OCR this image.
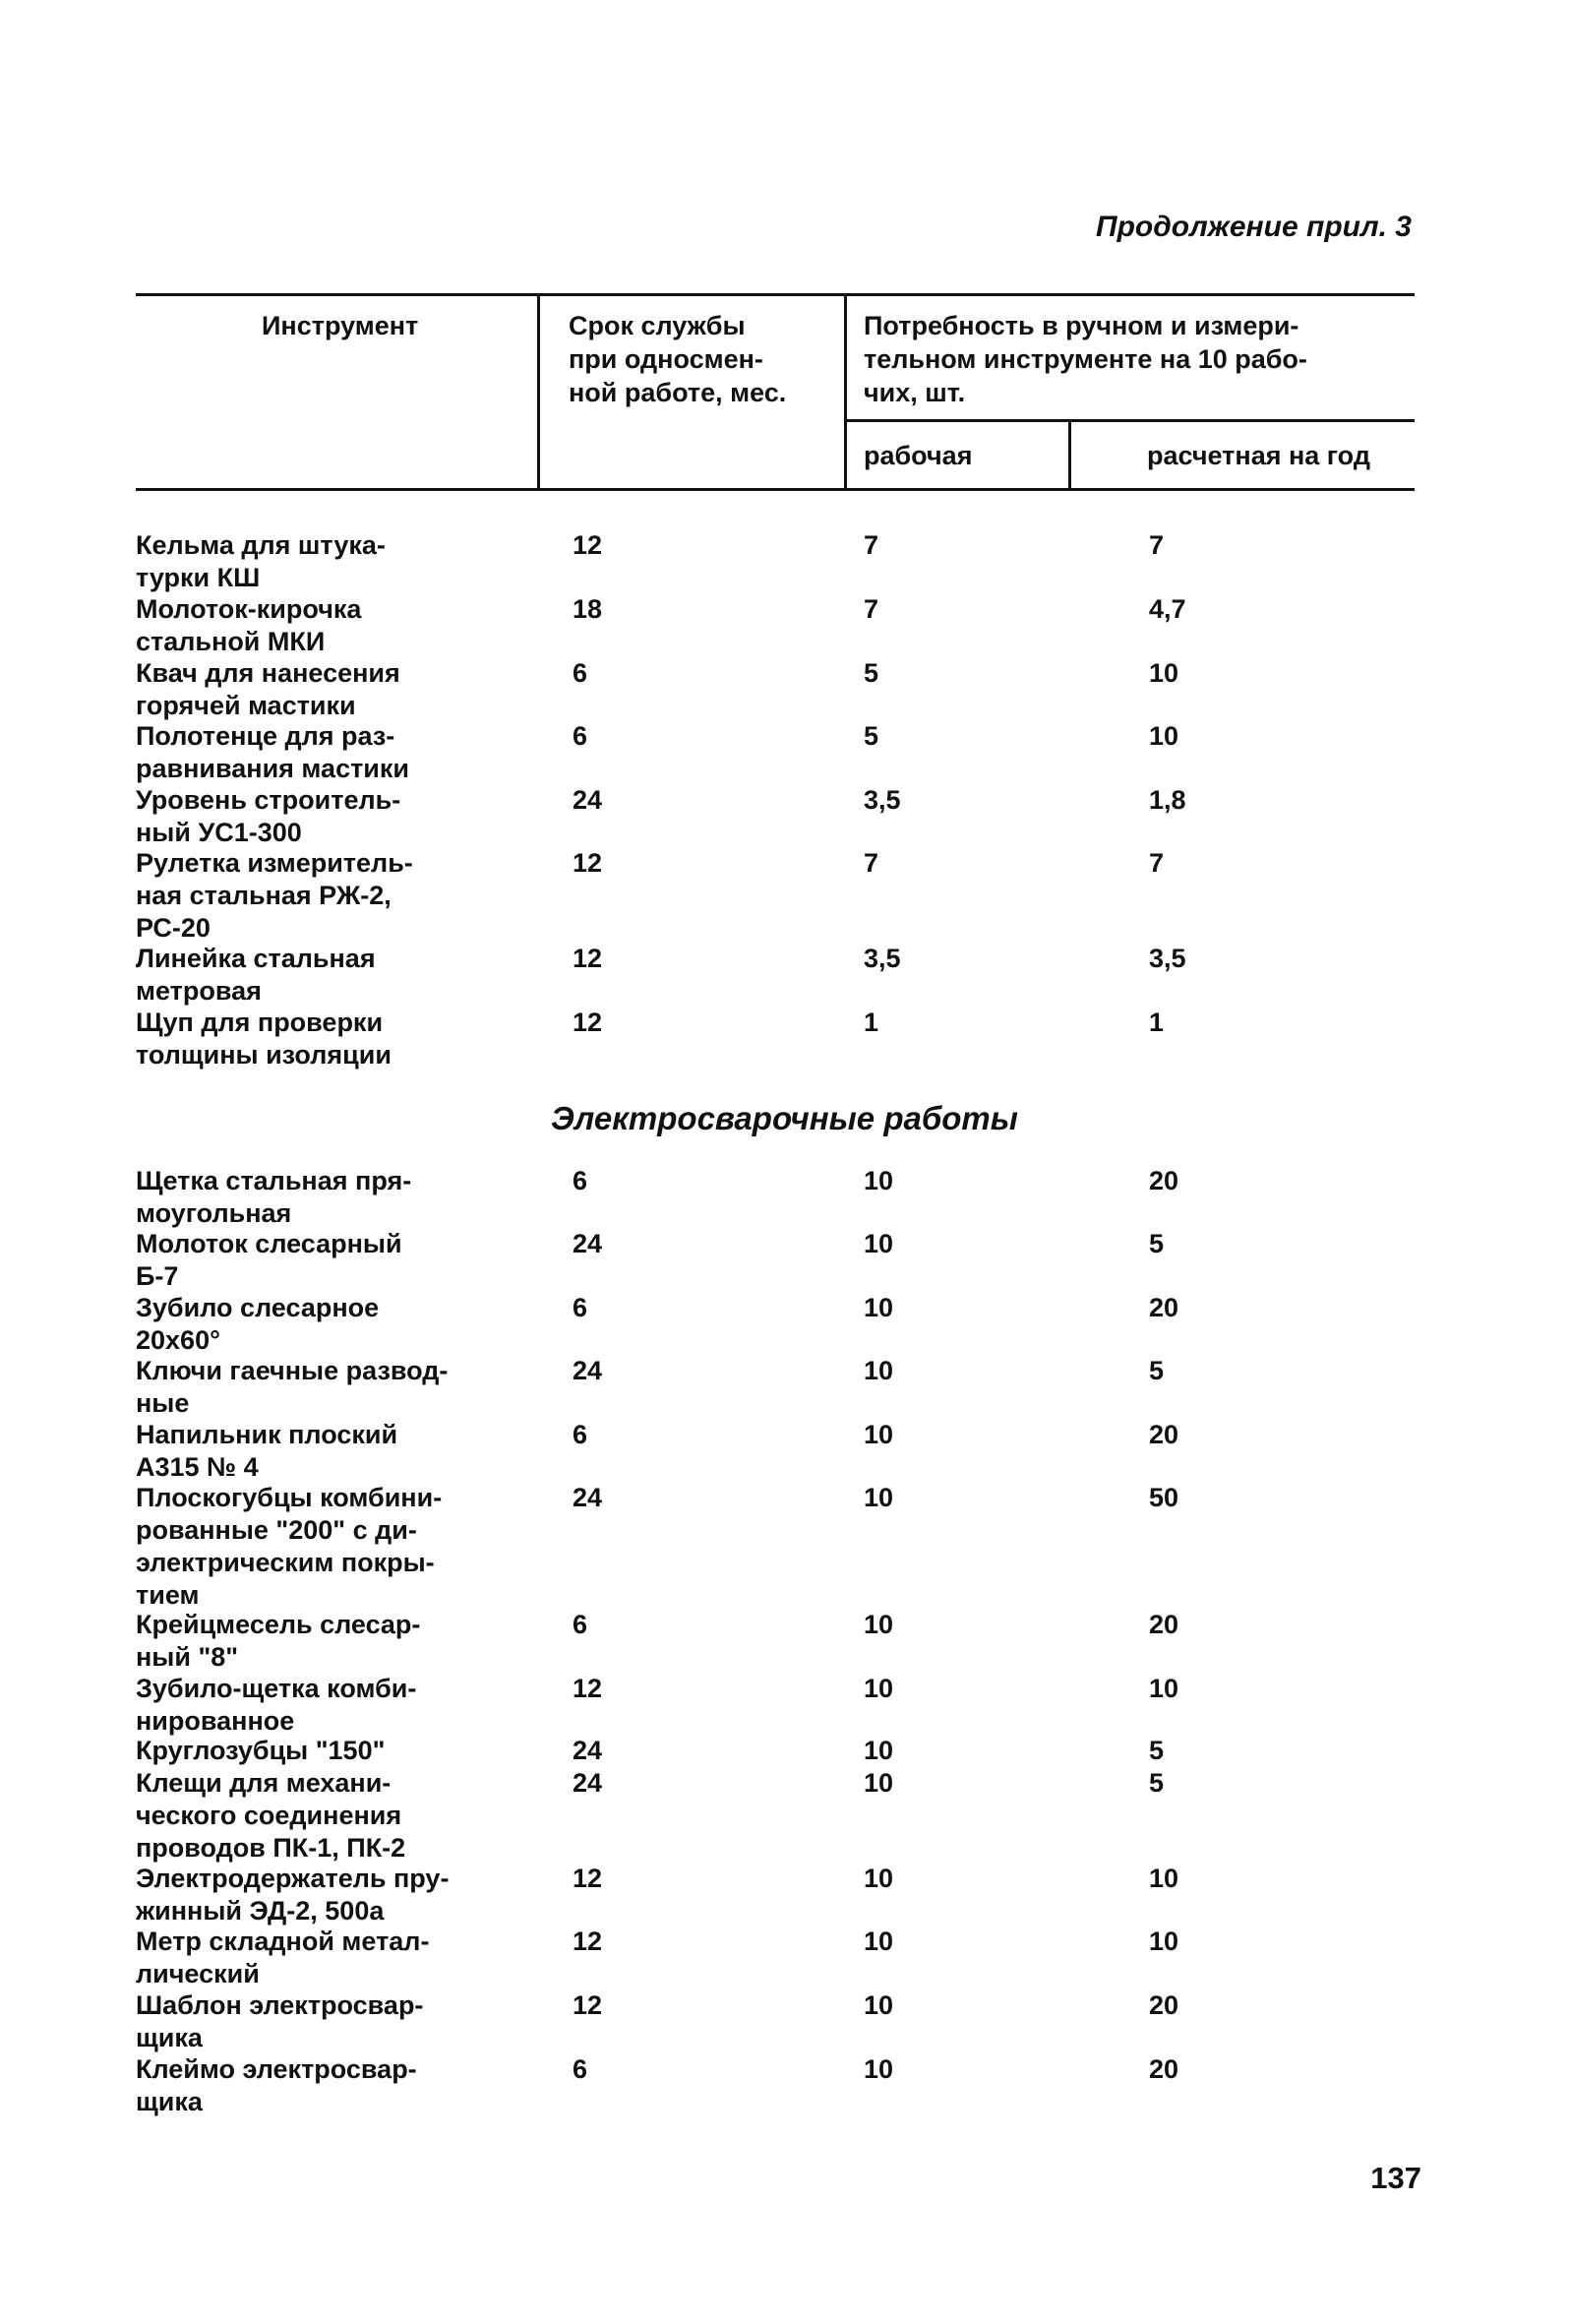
Продолжение прил. 3
Инструмент	Срок службы
при односмен-
ной работе, мес.
Потребность в ручном и измери-
тельном инструменте на 10 рабо-
чих, шт.
рабочая	расчетная на год
Кельма для штука-
турки КШ
12	7	7
Молоток-кирочка
стальной МКИ
18	7	4,7
Квач для нанесения
горячей мастики
6	5	10
Полотенце для раз-
равнивания мастики
6	5	10
Уровень строитель-
ный УС1-300
24	3,5	1,8
Рулетка измеритель-
ная стальная РЖ-2,
РС-20
12	7	7
Линейка стальная
метровая
12	3,5	3,5
Щуп для проверки
толщины изоляции
12	1	1
Электросварочные работы
Щетка стальная пря-
моугольная
6	10	20
Молоток слесарный
Б-7
24	10	5
Зубило слесарное
20х60°
6	10	20
Ключи гаечные развод-
ные
24	10	5
Напильник плоский
А315 № 4
6	10	20
Плоскогубцы комбини-
рованные "200" с ди-
электрическим покры-
тием
24	10	50
Крейцмесель слесар-
ный "8"
6	10	20
Зубило-щетка комби-
нированное
12	10	10
Круглозубцы "150"	24	10	5
Клещи для механи-
ческого соединения
проводов ПК-1, ПК-2
24	10	5
Электродержатель пру-
жинный ЭД-2, 500а
12	10	10
Метр складной метал-
лический
12	10	10
Шаблон электросвар-
щика
12	10	20
Клеймо электросвар-
щика
6	10	20
137
